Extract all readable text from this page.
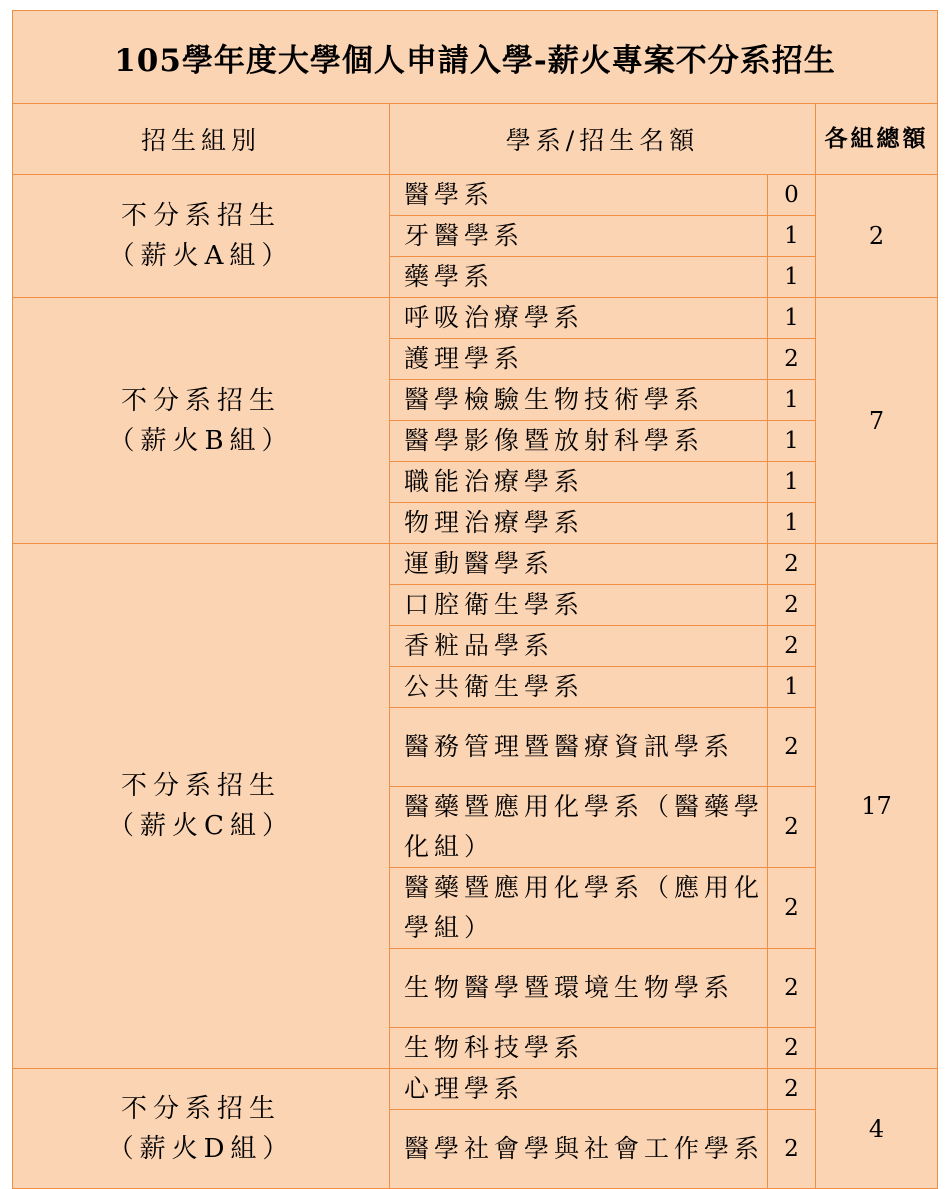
105學年度大學個人申請入學-薪火專案不分系招生			
招生組別	學系/招生名額		各組總額

不分系招生
（薪火A組）	醫學系	0	2
	牙醫學系	1	
	藥學系	1	

不分系招生
（薪火B組）	呼吸治療學系	1	7
	護理學系	2	
	醫學檢驗生物技術學系	1	
	醫學影像暨放射科學系	1	
	職能治療學系	1	
	物理治療學系	1	

不分系招生
（薪火C組）	運動醫學系	2	17
	口腔衛生學系	2	
	香粧品學系	2	
	公共衛生學系	1	
	醫務管理暨醫療資訊學系	2	
	醫藥暨應用化學系（醫藥學化組）	2	
	醫藥暨應用化學系（應用化學組）	2	
	生物醫學暨環境生物學系	2	
	生物科技學系	2	

不分系招生
（薪火D組）	心理學系	2	4
	醫學社會學與社會工作學系	2	
